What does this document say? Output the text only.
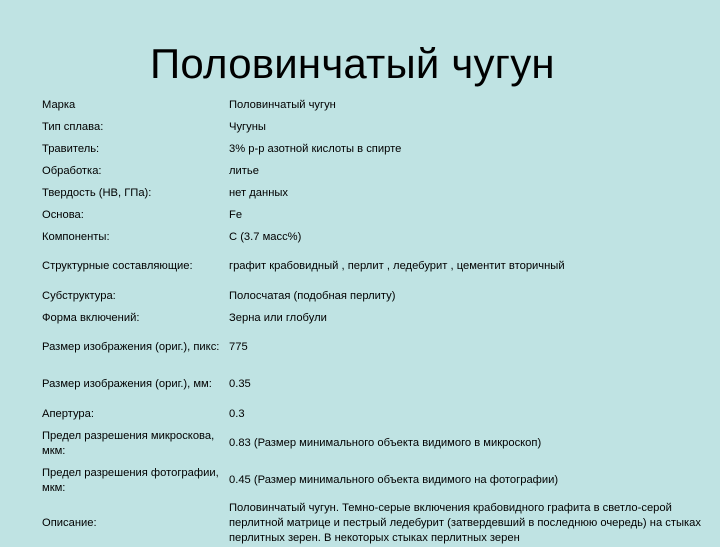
Половинчатый чугун
Марка	Половинчатый чугун
Тип сплава:	Чугуны
Травитель:	3% р-р азотной кислоты в спирте
Обработка:	литье
Твердость (НВ, ГПа):	нет данных
Основа:	Fe
Компоненты:	C (3.7 масс%)
Структурные составляющие:	графит крабовидный , перлит , ледебурит , цементит вторичный
Субструктура:	Полосчатая (подобная перлиту)
Форма включений:	Зерна или глобули
Размер изображения (ориг.), пикс:	775
Размер изображения (ориг.), мм:	0.35
Апертура:	0.3
Предел разрешения микроскова, мкм:	0.83 (Размер минимального объекта видимого в микроскоп)
Предел разрешения фотографии, мкм:	0.45 (Размер минимального объекта видимого на фотографии)
Описание:	Половинчатый чугун. Темно-серые включения крабовидного графита в светло-серой перлитной матрице и пестрый ледебурит (затвердевший в последнюю очередь) на стыках перлитных зерен. В некоторых стыках перлитных зерен
